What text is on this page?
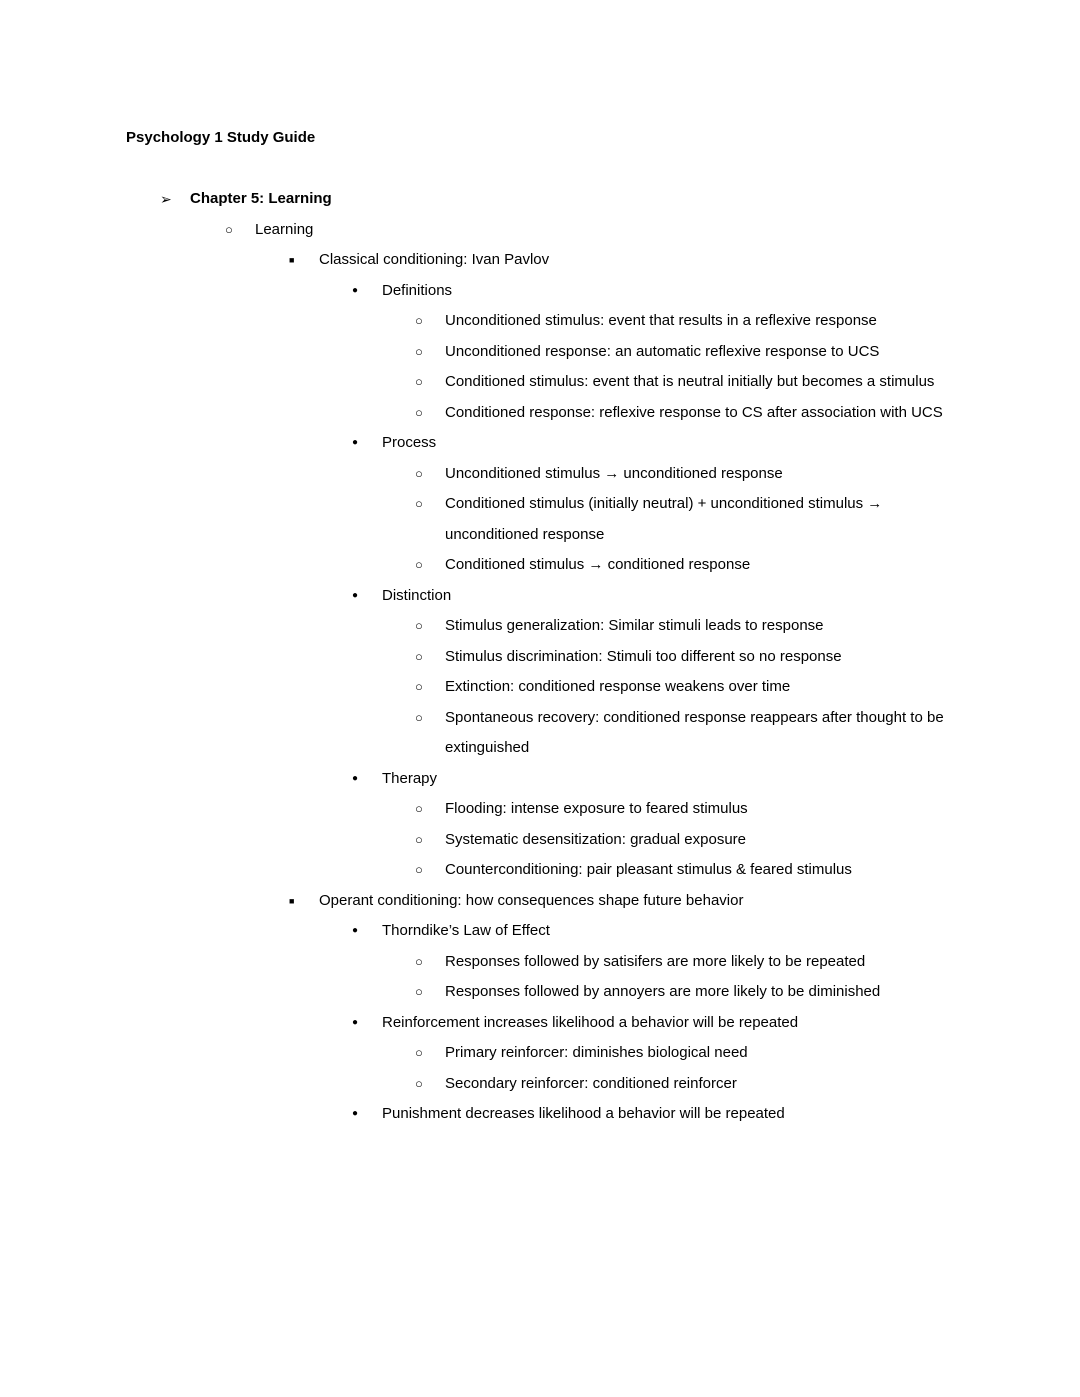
Psychology 1 Study Guide
➢	Chapter 5: Learning
○	Learning
■	Classical conditioning: Ivan Pavlov
●	Definitions
○	Unconditioned stimulus: event that results in a reflexive response
○	Unconditioned response: an automatic reflexive response to UCS
○	Conditioned stimulus: event that is neutral initially but becomes a stimulus
○	Conditioned response: reflexive response to CS after association with UCS
●	Process
○	Unconditioned stimulus → unconditioned response
○	Conditioned stimulus (initially neutral) + unconditioned stimulus → unconditioned response
○	Conditioned stimulus → conditioned response
●	Distinction
○	Stimulus generalization: Similar stimuli leads to response
○	Stimulus discrimination: Stimuli too different so no response
○	Extinction: conditioned response weakens over time
○	Spontaneous recovery: conditioned response reappears after thought to be extinguished
●	Therapy
○	Flooding: intense exposure to feared stimulus
○	Systematic desensitization: gradual exposure
○	Counterconditioning: pair pleasant stimulus & feared stimulus
■	Operant conditioning: how consequences shape future behavior
●	Thorndike’s Law of Effect
○	Responses followed by satisifers are more likely to be repeated
○	Responses followed by annoyers are more likely to be diminished
●	Reinforcement increases likelihood a behavior will be repeated
○	Primary reinforcer: diminishes biological need
○	Secondary reinforcer: conditioned reinforcer
●	Punishment decreases likelihood a behavior will be repeated
